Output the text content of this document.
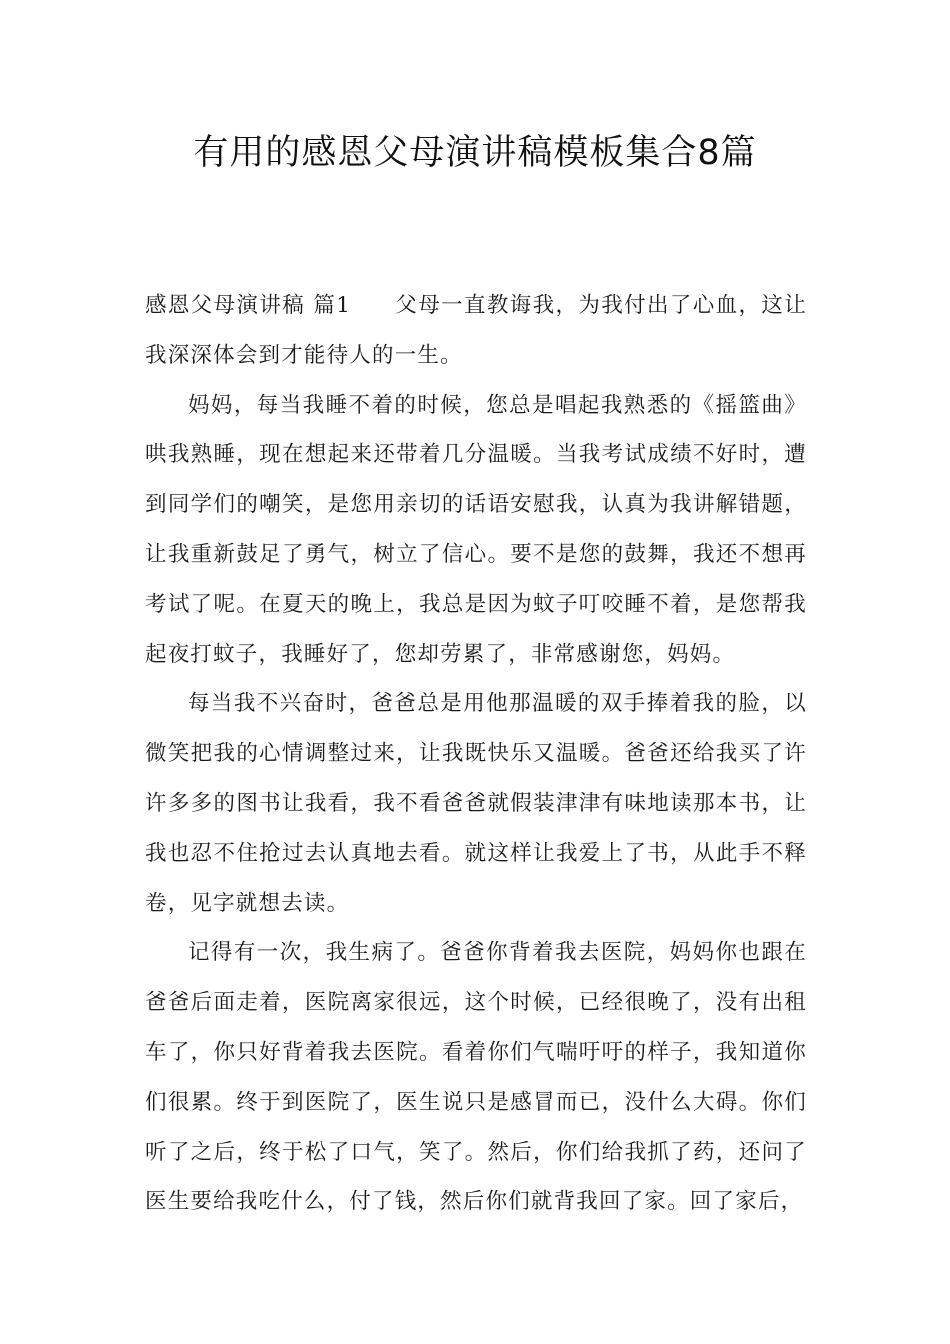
有用的感恩父母演讲稿模板集合8篇

感恩父母演讲稿 篇1 父母一直教诲我，为我付出了心血，这让我深深体会到才能待人的一生。

妈妈，每当我睡不着的时候，您总是唱起我熟悉的《摇篮曲》哄我熟睡，现在想起来还带着几分温暖。当我考试成绩不好时，遭到同学们的嘲笑，是您用亲切的话语安慰我，认真为我讲解错题，让我重新鼓足了勇气，树立了信心。要不是您的鼓舞，我还不想再考试了呢。在夏天的晚上，我总是因为蚊子叮咬睡不着，是您帮我起夜打蚊子，我睡好了，您却劳累了，非常感谢您，妈妈。

每当我不兴奋时，爸爸总是用他那温暖的双手捧着我的脸，以微笑把我的心情调整过来，让我既快乐又温暖。爸爸还给我买了许许多多的图书让我看，我不看爸爸就假装津津有味地读那本书，让我也忍不住抢过去认真地去看。就这样让我爱上了书，从此手不释卷，见字就想去读。

记得有一次，我生病了。爸爸你背着我去医院，妈妈你也跟在爸爸后面走着，医院离家很远，这个时候，已经很晚了，没有出租车了，你只好背着我去医院。看着你们气喘吁吁的样子，我知道你们很累。终于到医院了，医生说只是感冒而已，没什么大碍。你们听了之后，终于松了口气，笑了。然后，你们给我抓了药，还问了医生要给我吃什么，付了钱，然后你们就背我回了家。回了家后，
